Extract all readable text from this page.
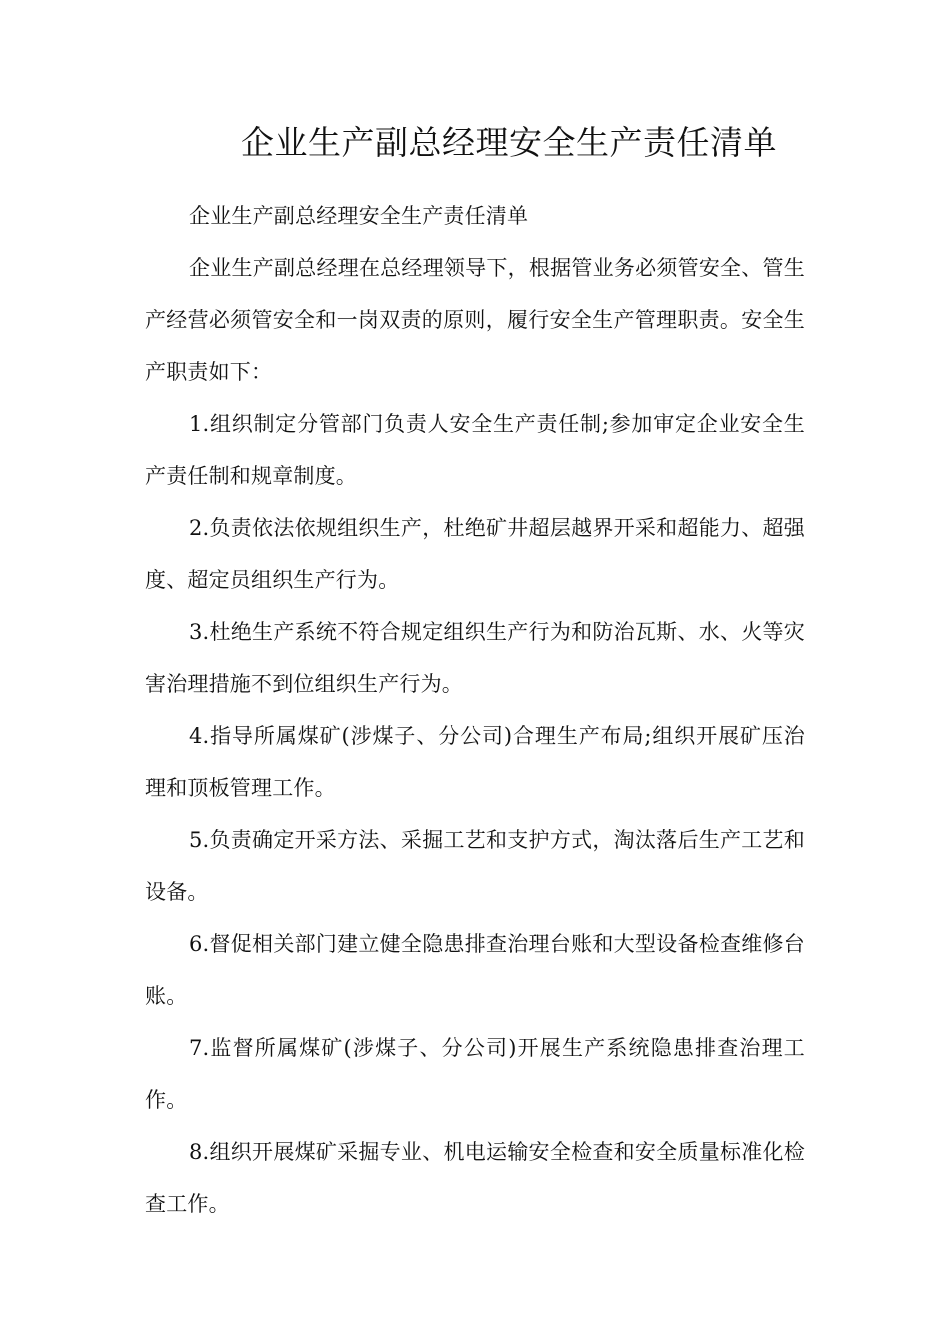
企业生产副总经理安全生产责任清单

企业生产副总经理安全生产责任清单

企业生产副总经理在总经理领导下，根据管业务必须管安全、管生产经营必须管安全和一岗双责的原则，履行安全生产管理职责。安全生产职责如下：

1.组织制定分管部门负责人安全生产责任制;参加审定企业安全生产责任制和规章制度。

2.负责依法依规组织生产，杜绝矿井超层越界开采和超能力、超强度、超定员组织生产行为。

3.杜绝生产系统不符合规定组织生产行为和防治瓦斯、水、火等灾害治理措施不到位组织生产行为。

4.指导所属煤矿(涉煤子、分公司)合理生产布局;组织开展矿压治理和顶板管理工作。

5.负责确定开采方法、采掘工艺和支护方式，淘汰落后生产工艺和设备。

6.督促相关部门建立健全隐患排查治理台账和大型设备检查维修台账。

7.监督所属煤矿(涉煤子、分公司)开展生产系统隐患排查治理工作。

8.组织开展煤矿采掘专业、机电运输安全检查和安全质量标准化检查工作。
